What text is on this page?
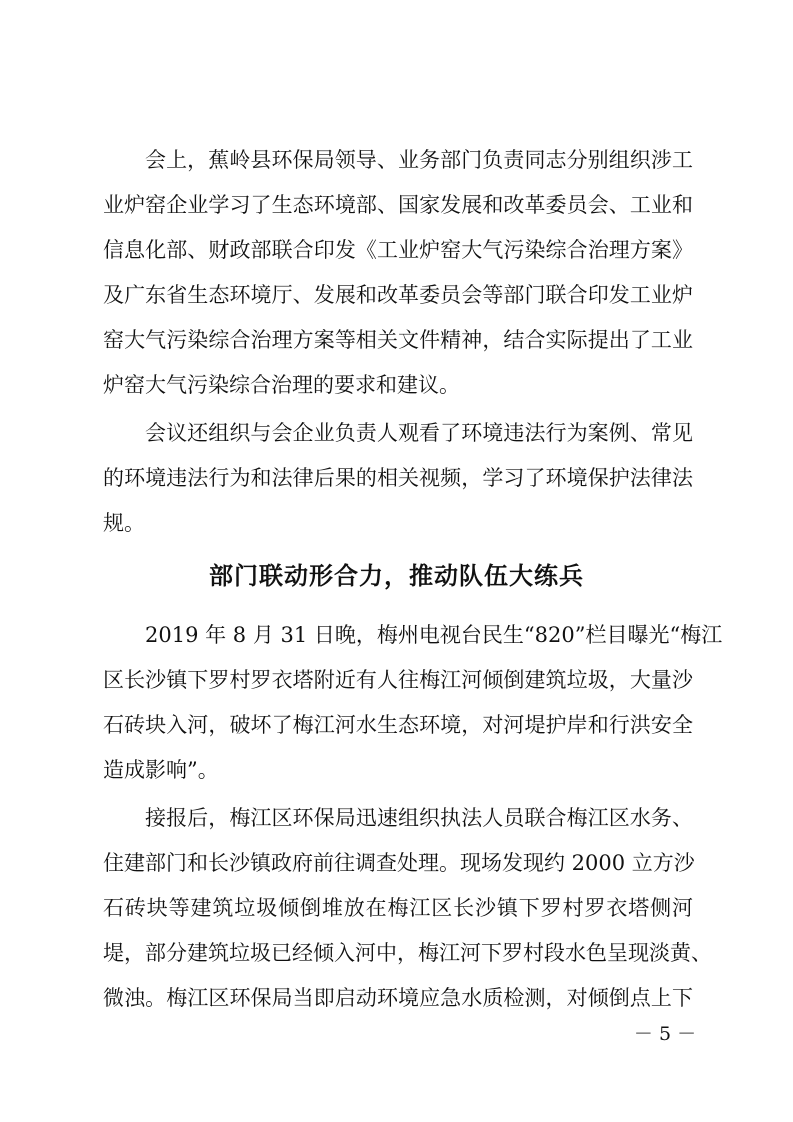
会上，蕉岭县环保局领导、业务部门负责同志分别组织涉工
业炉窑企业学习了生态环境部、国家发展和改革委员会、工业和
信息化部、财政部联合印发《工业炉窑大气污染综合治理方案》
及广东省生态环境厅、发展和改革委员会等部门联合印发工业炉
窑大气污染综合治理方案等相关文件精神，结合实际提出了工业
炉窑大气污染综合治理的要求和建议。
会议还组织与会企业负责人观看了环境违法行为案例、常见
的环境违法行为和法律后果的相关视频，学习了环境保护法律法
规。
部门联动形合力，推动队伍大练兵
2019 年 8 月 31 日晚，梅州电视台民生“820”栏目曝光“梅江
区长沙镇下罗村罗衣塔附近有人往梅江河倾倒建筑垃圾，大量沙
石砖块入河，破坏了梅江河水生态环境，对河堤护岸和行洪安全
造成影响”。
接报后，梅江区环保局迅速组织执法人员联合梅江区水务、
住建部门和长沙镇政府前往调查处理。现场发现约 2000 立方沙
石砖块等建筑垃圾倾倒堆放在梅江区长沙镇下罗村罗衣塔侧河
堤，部分建筑垃圾已经倾入河中，梅江河下罗村段水色呈现淡黄、
微浊。梅江区环保局当即启动环境应急水质检测，对倾倒点上下
－ 5 －
